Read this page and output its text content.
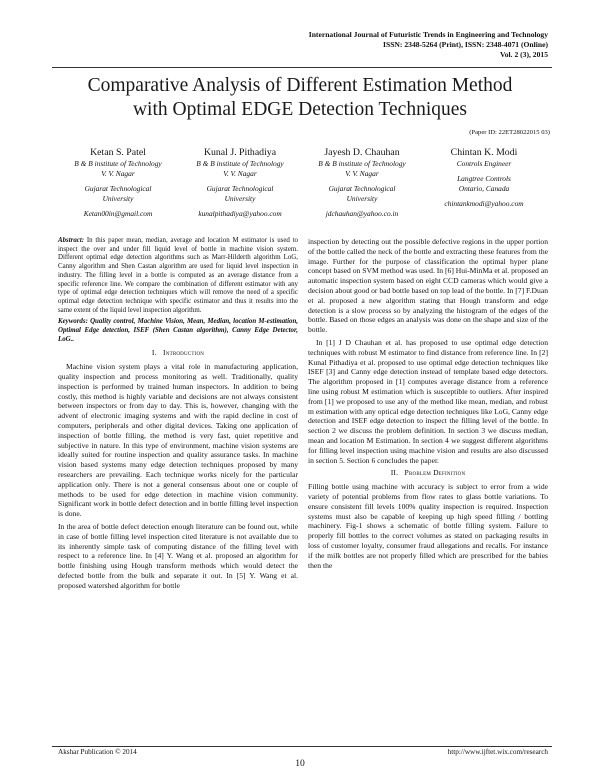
International Journal of Futuristic Trends in Engineering and Technology
ISSN: 2348-5264 (Print), ISSN: 2348-4071 (Online)
Vol. 2 (3), 2015
Comparative Analysis of Different Estimation Method
with Optimal EDGE Detection Techniques
(Paper ID: 22ET28022015 03)
Ketan S. Patel
B & B institute of Technology
V. V. Nagar
Gujarat Technological
University
Ketan00in@gmail.com
Kunal J. Pithadiya
B & B institute of Technology
V. V. Nagar
Gujarat Technological
University
kunalpithadiya@yahoo.com
Jayesh D. Chauhan
B & B institute of Technology
V. V. Nagar
Gujarat Technological
University
jdchauhan@yahoo.co.in
Chintan K. Modi
Controls Engineer
Langtree Controls
Ontario, Canada
chintankmodi@yahoo.com

Abstract: In this paper mean, median, average and location M estimator is used to inspect the over and under fill liquid level of bottle in machine vision system. Different optimal edge detection algorithms such as Marr-Hilderth algorithm LoG, Canny algorithm and Shen Castan algorithm are used for liquid level inspection in industry. The filling level in a bottle is computed as an average distance from a specific reference line. We compare the combination of different estimator with any type of optimal edge detection techniques which will remove the need of a specific optimal edge detection technique with specific estimator and thus it results into the same extent of the liquid level inspection algorithm.

Keywords: Quality control, Machine Vision, Mean, Median, location M-estimation, Optimal Edge detection, ISEF (Shen Castan algorithm), Canny Edge Detector, LoG..

I. Introduction

Machine vision system plays a vital role in manufacturing application, quality inspection and process monitoring as well. Traditionally, quality inspection is performed by trained human inspectors. In addition to being costly, this method is highly variable and decisions are not always consistent between inspectors or from day to day. This is, however, changing with the advent of electronic imaging systems and with the rapid decline in cost of computers, peripherals and other digital devices. Taking one application of inspection of bottle filling, the method is very fast, quiet repetitive and subjective in nature. In this type of environment, machine vision systems are ideally suited for routine inspection and quality assurance tasks. In machine vision based systems many edge detection techniques proposed by many researchers are prevailing. Each technique works nicely for the particular application only. There is not a general consensus about one or couple of methods to be used for edge detection in machine vision community. Significant work in bottle defect detection and in bottle filling level inspection is done.

In the area of bottle defect detection enough literature can be found out, while in case of bottle filling level inspection cited literature is not available due to its inherently simple task of computing distance of the filling level with respect to a reference line. In [4] Y. Wang et al. proposed an algorithm for bottle finishing using Hough transform methods which would detect the defected bottle from the bulk and separate it out. In [5] Y. Wang et al. proposed watershed algorithm for bottle

inspection by detecting out the possible defective regions in the upper portion of the bottle called the neck of the bottle and extracting these features from the image. Further for the purpose of classification the optimal hyper plane concept based on SVM method was used. In [6] Hui-MinMa et al. proposed an automatic inspection system based on eight CCD cameras which would give a decision about good or bad bottle based on top lead of the bottle. In [7] F.Duan et al. proposed a new algorithm stating that Hough transform and edge detection is a slow process so by analyzing the histogram of the edges of the bottle. Based on those edges an analysis was done on the shape and size of the bottle.

In [1] J D Chauhan et al. has proposed to use optimal edge detection techniques with robust M estimator to find distance from reference line. In [2] Kunal Pithadiya et al. proposed to use optimal edge detection techniques like ISEF [3] and Canny edge detection instead of template based edge detectors. The algorithm proposed in [1] computes average distance from a reference line using robust M estimation which is susceptible to outliers. After inspired from [1] we proposed to use any of the method like mean, median, and robust m estimation with any optical edge detection techniques like LoG, Canny edge detection and ISEF edge detection to inspect the filling level of the bottle. In section 2 we discuss the problem definition. In section 3 we discuss median, mean and location M Estimation. In section 4 we suggest different algorithms for filling level inspection using machine vision and results are also discussed in section 5. Section 6 concludes the paper.

II. Problem Definition

Filling bottle using machine with accuracy is subject to error from a wide variety of potential problems from flow rates to glass bottle variations. To ensure consistent fill levels 100% quality inspection is required. Inspection systems must also be capable of keeping up high speed filling / bottling machinery. Fig-1 shows a schematic of bottle filling system. Failure to properly fill bottles to the correct volumes as stated on packaging results in loss of customer loyalty, consumer fraud allegations and recalls. For instance if the milk bottles are not properly filled which are prescribed for the babies then the

Akshar Publication © 2014	http://www.ijftet.wix.com/research
10
